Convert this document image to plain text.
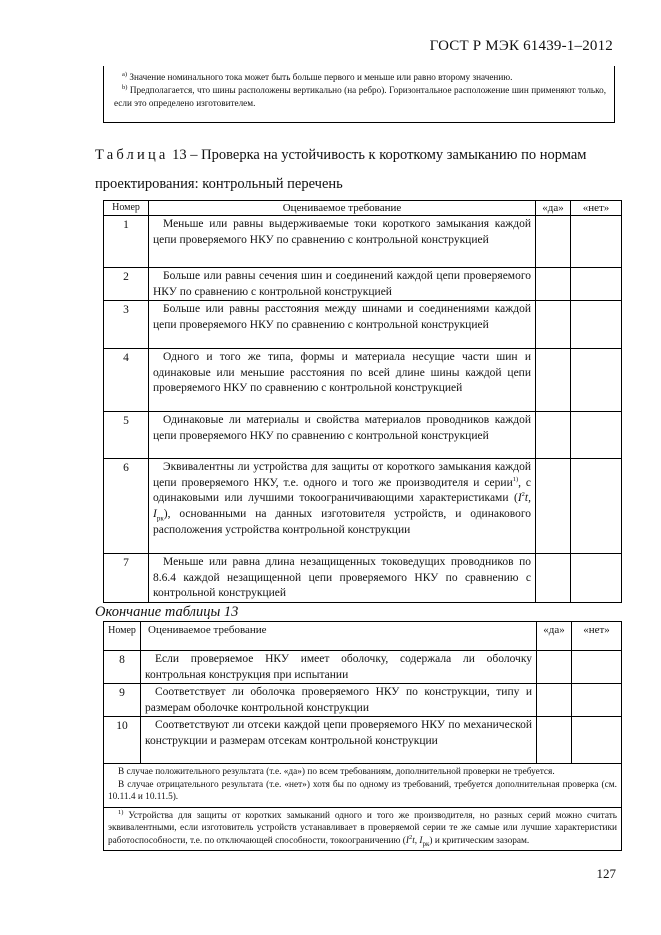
ГОСТ Р МЭК 61439-1–2012

$^{а)}$ Значение номинального тока может быть больше первого и меньше или равно второму значению.

$^{b)}$ Предполагается, что шины расположены вертикально (на ребро). Горизонтальное расположение шин применяют только, если это определено изготовителем.

Таблица 13 – Проверка на устойчивость к короткому замыканию по нормам проектирования: контрольный перечень
Номер	Оцениваемое требование	«да»	«нет»
1	Меньше или равны выдерживаемые токи короткого замыкания каждой цепи проверяемого НКУ по сравнению с контрольной конструкцией		
2	Больше или равны сечения шин и соединений каждой цепи проверяемого НКУ по сравнению с контрольной конструкцией		
3	Больше или равны расстояния между шинами и соединениями каждой цепи проверяемого НКУ по сравнению с контрольной конструкцией		
4	Одного и того же типа, формы и материала несущие части шин и одинаковые или меньшие расстояния по всей длине шины каждой цепи проверяемого НКУ по сравнению с контрольной конструкцией		
5	Одинаковые ли материалы и свойства материалов проводников каждой цепи проверяемого НКУ по сравнению с контрольной конструкцией		
6	Эквивалентны ли устройства для защиты от короткого замыкания каждой цепи проверяемого НКУ, т.е. одного и того же производителя и серии$^{1)}$, с одинаковыми или лучшими токоограничивающими характеристиками ($I^2t$, $I_{рк}$), основанными на данных изготовителя устройств, и одинакового расположения устройства контрольной конструкции		
7	Меньше или равна длина незащищенных токоведущих проводников по 8.6.4 каждой незащищенной цепи проверяемого НКУ по сравнению с контрольной конструкцией		
Окончание таблицы 13
Номер	Оцениваемое требование	«да»	«нет»
8	Если проверяемое НКУ имеет оболочку, содержала ли оболочку контрольная конструкция при испытании		
9	Соответствует ли оболочка проверяемого НКУ по конструкции, типу и размерам оболочке контрольной конструкции		
10	Соответствуют ли отсеки каждой цепи проверяемого НКУ по механической конструкции и размерам отсекам контрольной конструкции		

В случае положительного результата (т.е. «да») по всем требованиям, дополнительной проверки не требуется.

В случае отрицательного результата (т.е. «нет») хотя бы по одному из требований, требуется дополнительная проверка (см. 10.11.4 и 10.11.5).			

$^{1)}$ Устройства для защиты от коротких замыканий одного и того же производителя, но разных серий можно считать эквивалентными, если изготовитель устройств устанавливает в проверяемой серии те же самые или лучшие характеристики работоспособности, т.е. по отключающей способности, токоограничению ($I^2t$, $I_{рк}$) и критическим зазорам.			

127
